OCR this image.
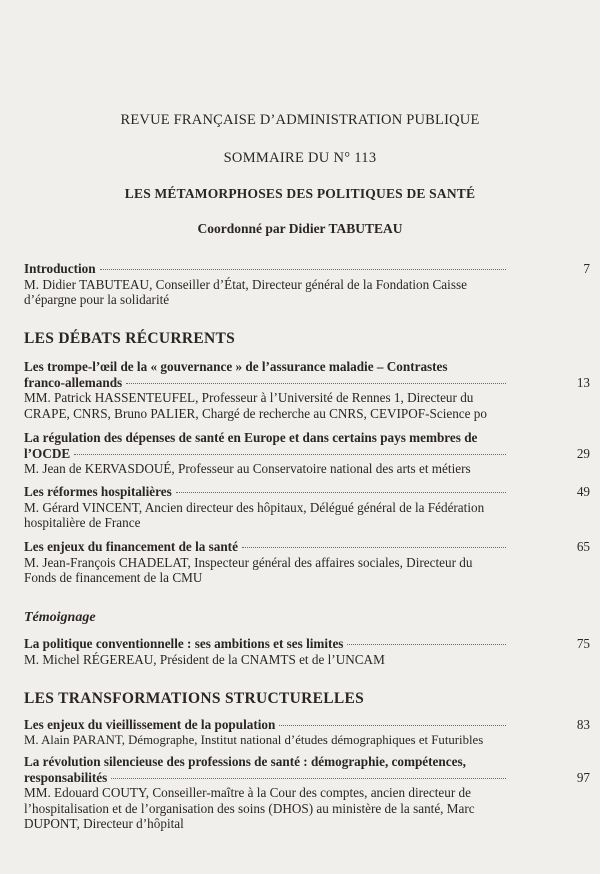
REVUE FRANÇAISE D’ADMINISTRATION PUBLIQUE
SOMMAIRE DU N° 113
LES MÉTAMORPHOSES DES POLITIQUES DE SANTÉ
Coordonné par Didier TABUTEAU
Introduction	7
M. Didier TABUTEAU, Conseiller d’État, Directeur général de la Fondation Caisse
d’épargne pour la solidarité
LES DÉBATS RÉCURRENTS
Les trompe-l’œil de la « gouvernance » de l’assurance maladie – Contrastes
franco-allemands	13
MM. Patrick HASSENTEUFEL, Professeur à l’Université de Rennes 1, Directeur du
CRAPE, CNRS, Bruno PALIER, Chargé de recherche au CNRS, CEVIPOF-Science po
La régulation des dépenses de santé en Europe et dans certains pays membres de
l’OCDE	29
M. Jean de KERVASDOUÉ, Professeur au Conservatoire national des arts et métiers
Les réformes hospitalières	49
M. Gérard VINCENT, Ancien directeur des hôpitaux, Délégué général de la Fédération
hospitalière de France
Les enjeux du financement de la santé	65
M. Jean-François CHADELAT, Inspecteur général des affaires sociales, Directeur du
Fonds de financement de la CMU
Témoignage
La politique conventionnelle : ses ambitions et ses limites	75
M. Michel RÉGEREAU, Président de la CNAMTS et de l’UNCAM
LES TRANSFORMATIONS STRUCTURELLES
Les enjeux du vieillissement de la population	83
M. Alain PARANT, Démographe, Institut national d’études démographiques et Futuribles
La révolution silencieuse des professions de santé : démographie, compétences,
responsabilités	97
MM. Edouard COUTY, Conseiller-maître à la Cour des comptes, ancien directeur de
l’hospitalisation et de l’organisation des soins (DHOS) au ministère de la santé, Marc
DUPONT, Directeur d’hôpital
